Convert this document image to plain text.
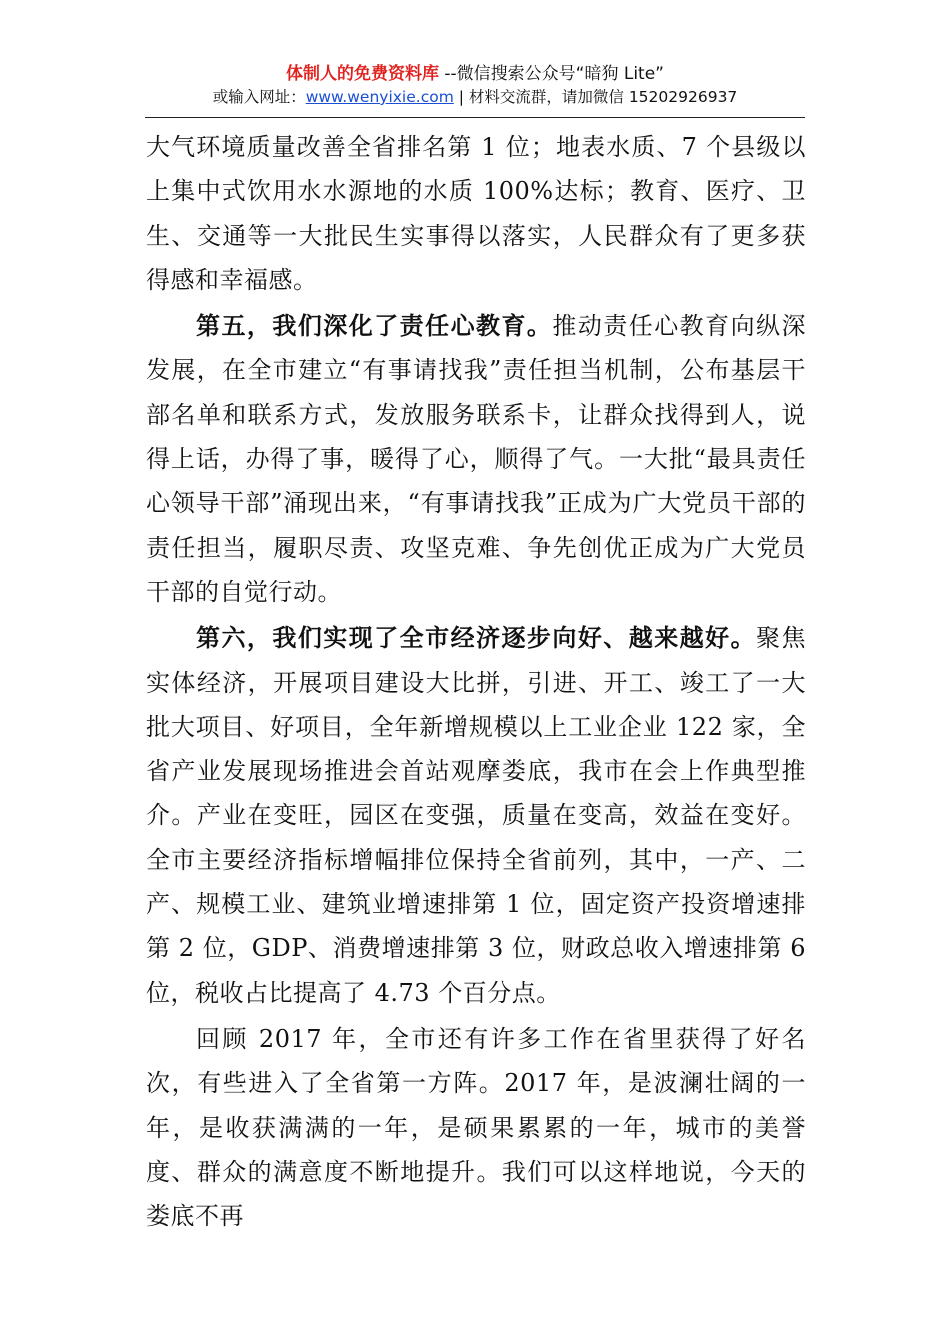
体制人的免费资料库 --微信搜索公众号“暗狗 Lite”
或输入网址：www.wenyixie.com | 材料交流群，请加微信 15202926937

大气环境质量改善全省排名第 1 位；地表水质、7 个县级以上集中式饮用水水源地的水质 100%达标；教育、医疗、卫生、交通等一大批民生实事得以落实，人民群众有了更多获得感和幸福感。

第五，我们深化了责任心教育。推动责任心教育向纵深发展，在全市建立“有事请找我”责任担当机制，公布基层干部名单和联系方式，发放服务联系卡，让群众找得到人，说得上话，办得了事，暖得了心，顺得了气。一大批“最具责任心领导干部”涌现出来，“有事请找我”正成为广大党员干部的责任担当，履职尽责、攻坚克难、争先创优正成为广大党员干部的自觉行动。

第六，我们实现了全市经济逐步向好、越来越好。聚焦实体经济，开展项目建设大比拼，引进、开工、竣工了一大批大项目、好项目，全年新增规模以上工业企业 122 家，全省产业发展现场推进会首站观摩娄底，我市在会上作典型推介。产业在变旺，园区在变强，质量在变高，效益在变好。全市主要经济指标增幅排位保持全省前列，其中，一产、二产、规模工业、建筑业增速排第 1 位，固定资产投资增速排第 2 位，GDP、消费增速排第 3 位，财政总收入增速排第 6 位，税收占比提高了 4.73 个百分点。

回顾 2017 年，全市还有许多工作在省里获得了好名次，有些进入了全省第一方阵。2017 年，是波澜壮阔的一年，是收获满满的一年，是硕果累累的一年，城市的美誉度、群众的满意度不断地提升。我们可以这样地说，今天的娄底不再
